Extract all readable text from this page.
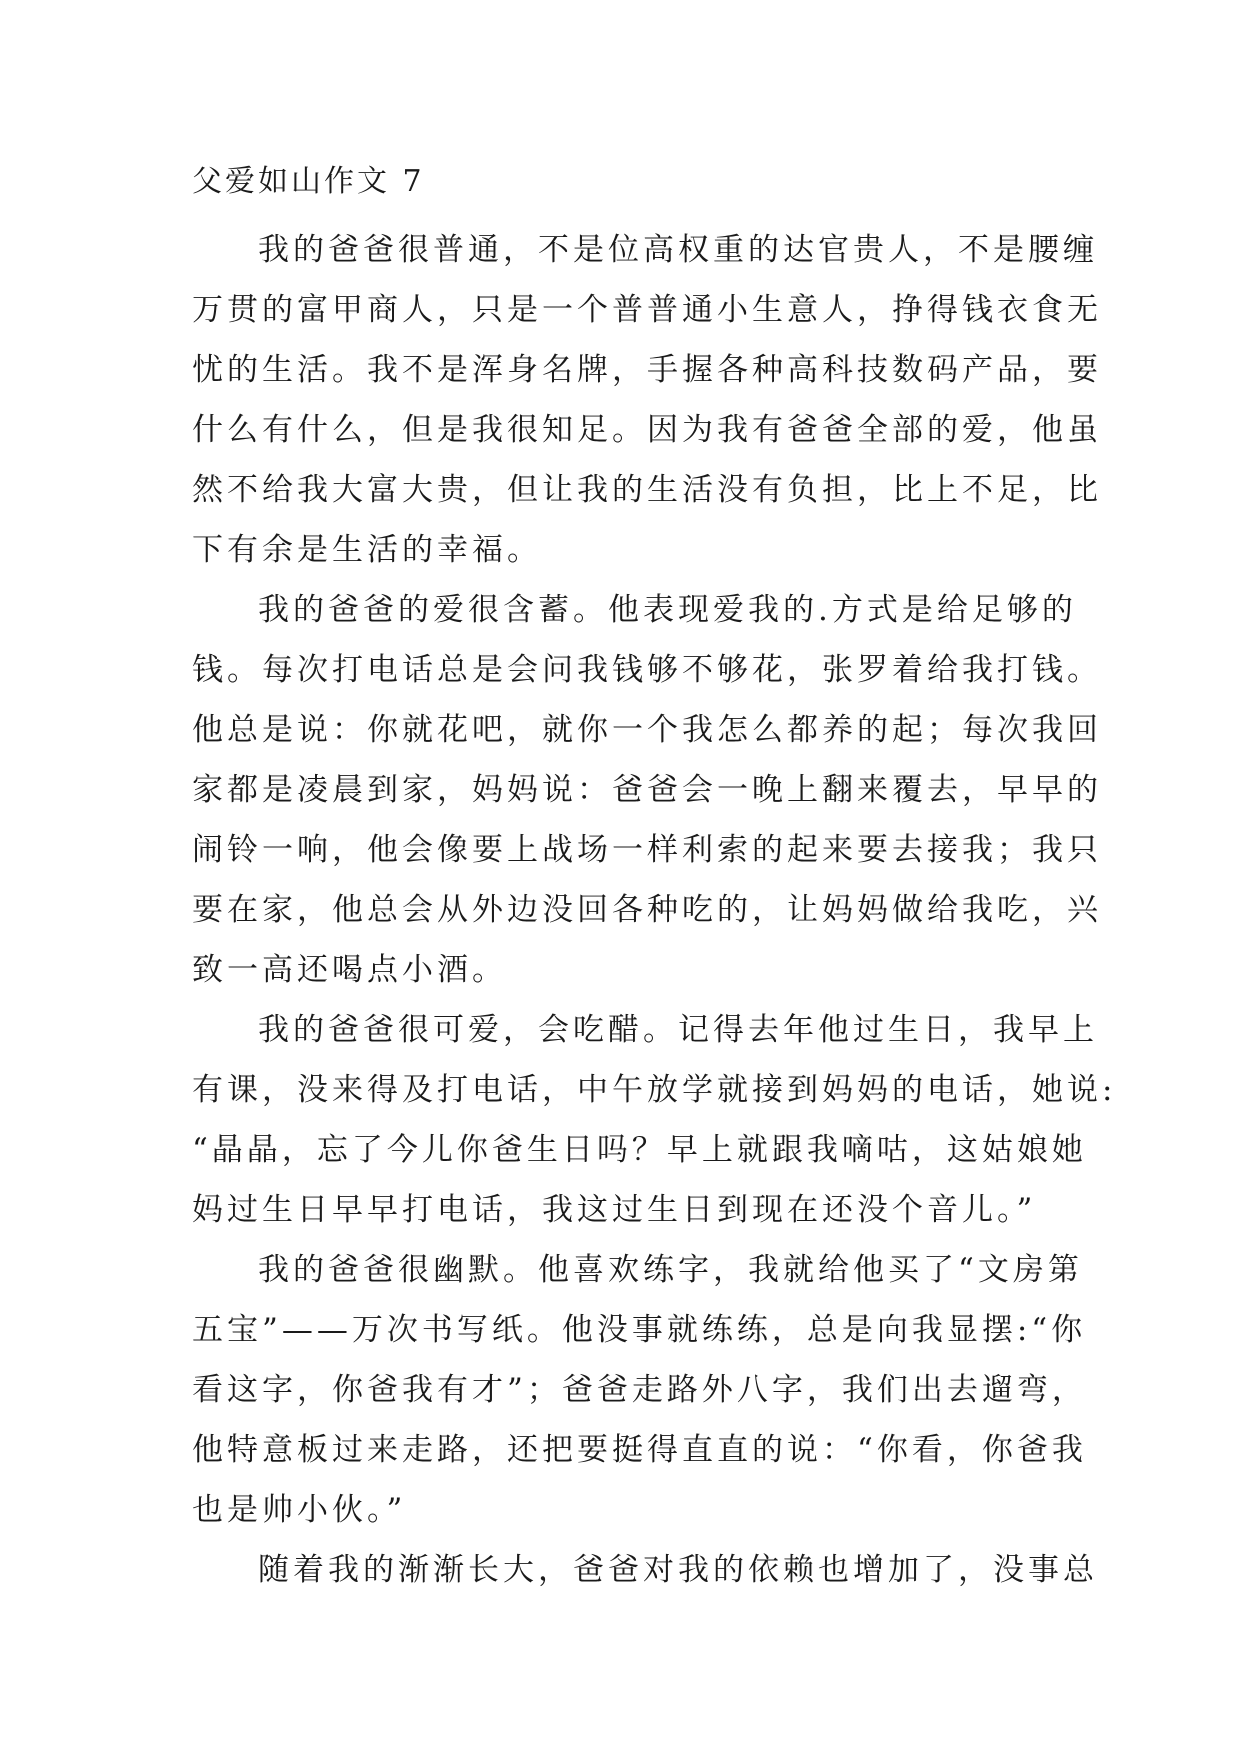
父爱如山作文 7
我的爸爸很普通，不是位高权重的达官贵人，不是腰缠
万贯的富甲商人，只是一个普普通小生意人，挣得钱衣食无
忧的生活。我不是浑身名牌，手握各种高科技数码产品，要
什么有什么，但是我很知足。因为我有爸爸全部的爱，他虽
然不给我大富大贵，但让我的生活没有负担，比上不足，比
下有余是生活的幸福。
我的爸爸的爱很含蓄。他表现爱我的.方式是给足够的
钱。每次打电话总是会问我钱够不够花，张罗着给我打钱。
他总是说：你就花吧，就你一个我怎么都养的起；每次我回
家都是凌晨到家，妈妈说：爸爸会一晚上翻来覆去，早早的
闹铃一响，他会像要上战场一样利索的起来要去接我；我只
要在家，他总会从外边没回各种吃的，让妈妈做给我吃，兴
致一高还喝点小酒。
我的爸爸很可爱，会吃醋。记得去年他过生日，我早上
有课，没来得及打电话，中午放学就接到妈妈的电话，她说:
“晶晶，忘了今儿你爸生日吗？早上就跟我嘀咕，这姑娘她
妈过生日早早打电话，我这过生日到现在还没个音儿。”
我的爸爸很幽默。他喜欢练字，我就给他买了“文房第
五宝”——万次书写纸。他没事就练练，总是向我显摆:“你
看这字，你爸我有才”；爸爸走路外八字，我们出去遛弯，
他特意板过来走路，还把要挺得直直的说：“你看，你爸我
也是帅小伙。”
随着我的渐渐长大，爸爸对我的依赖也增加了，没事总
